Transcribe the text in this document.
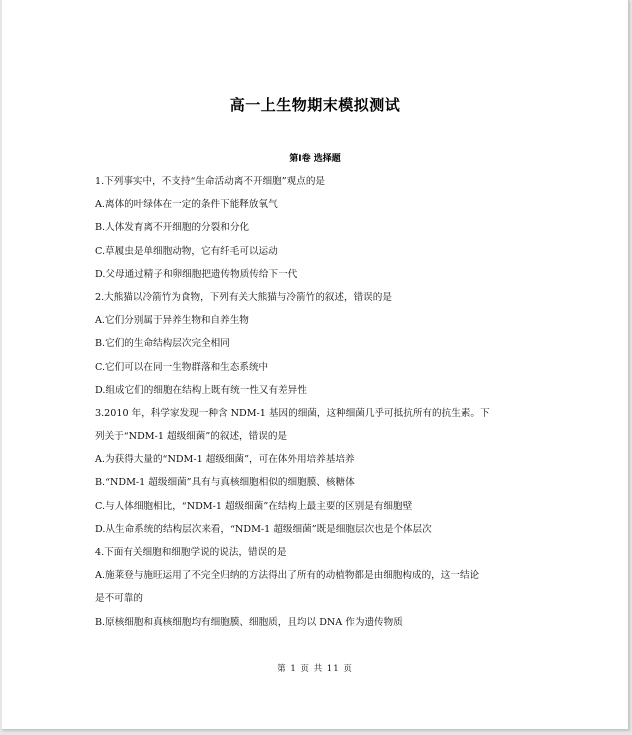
高一上生物期末模拟测试
第Ⅰ卷 选择题
1.下列事实中，不支持“生命活动离不开细胞”观点的是
A.离体的叶绿体在一定的条件下能释放氧气
B.人体发育离不开细胞的分裂和分化
C.草履虫是单细胞动物，它有纤毛可以运动
D.父母通过精子和卵细胞把遗传物质传给下一代
2.大熊猫以冷箭竹为食物，下列有关大熊猫与冷箭竹的叙述，错误的是
A.它们分别属于异养生物和自养生物
B.它们的生命结构层次完全相同
C.它们可以在同一生物群落和生态系统中
D.组成它们的细胞在结构上既有统一性又有差异性
3.2010 年，科学家发现一种含 NDM-1 基因的细菌，这种细菌几乎可抵抗所有的抗生素。下
列关于“NDM-1 超级细菌”的叙述，错误的是
A.为获得大量的“NDM-1 超级细菌”，可在体外用培养基培养
B.“NDM-1 超级细菌”具有与真核细胞相似的细胞膜、核糖体
C.与人体细胞相比，“NDM-1 超级细菌”在结构上最主要的区别是有细胞壁
D.从生命系统的结构层次来看，“NDM-1 超级细菌”既是细胞层次也是个体层次
4.下面有关细胞和细胞学说的说法，错误的是
A.施莱登与施旺运用了不完全归纳的方法得出了所有的动植物都是由细胞构成的，这一结论
是不可靠的
B.原核细胞和真核细胞均有细胞膜、细胞质，且均以 DNA 作为遗传物质
第 1 页 共 11 页
